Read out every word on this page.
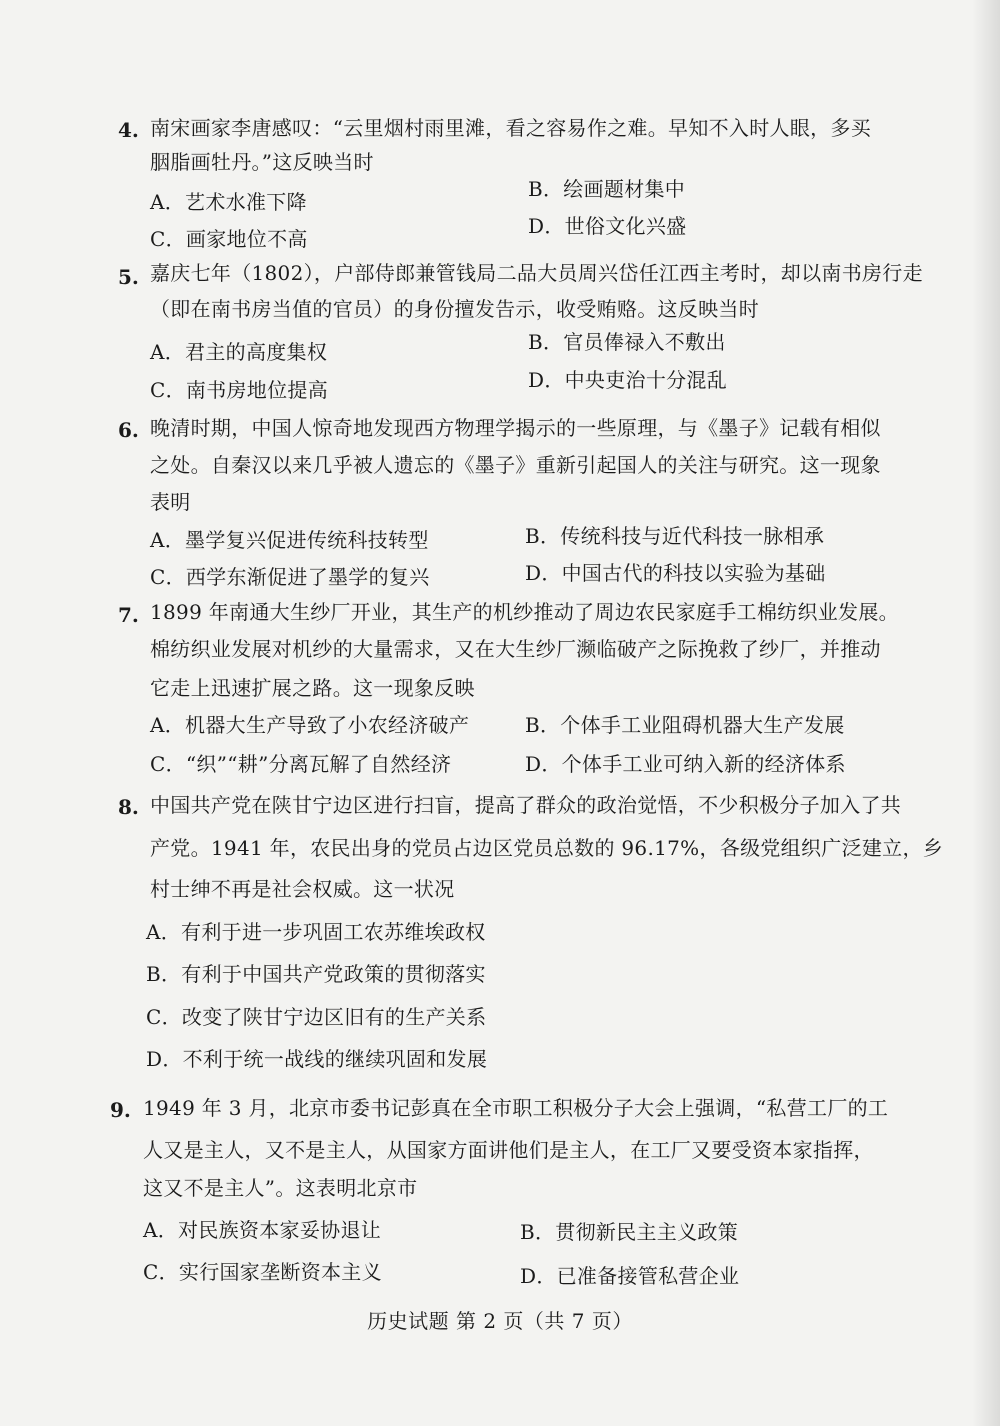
4. 南宋画家李唐感叹：“云里烟村雨里滩，看之容易作之难。早知不入时人眼，多买
胭脂画牡丹。”这反映当时
A．艺术水准下降
B．绘画题材集中
C．画家地位不高
D．世俗文化兴盛
5. 嘉庆七年（1802），户部侍郎兼管钱局二品大员周兴岱任江西主考时，却以南书房行走
（即在南书房当值的官员）的身份擅发告示，收受贿赂。这反映当时
A．君主的高度集权	B．官员俸禄入不敷出
C．南书房地位提高	D．中央吏治十分混乱
6. 晚清时期，中国人惊奇地发现西方物理学揭示的一些原理，与《墨子》记载有相似
之处。自秦汉以来几乎被人遗忘的《墨子》重新引起国人的关注与研究。这一现象
表明
A．墨学复兴促进传统科技转型	B．传统科技与近代科技一脉相承
C．西学东渐促进了墨学的复兴	D．中国古代的科技以实验为基础
7. 1899 年南通大生纱厂开业，其生产的机纱推动了周边农民家庭手工棉纺织业发展。
棉纺织业发展对机纱的大量需求，又在大生纱厂濒临破产之际挽救了纱厂，并推动
它走上迅速扩展之路。这一现象反映
A．机器大生产导致了小农经济破产	B．个体手工业阻碍机器大生产发展
C．“织”“耕”分离瓦解了自然经济	D．个体手工业可纳入新的经济体系
8. 中国共产党在陕甘宁边区进行扫盲，提高了群众的政治觉悟，不少积极分子加入了共
产党。1941 年，农民出身的党员占边区党员总数的 96.17%，各级党组织广泛建立，乡
村士绅不再是社会权威。这一状况
A．有利于进一步巩固工农苏维埃政权
B．有利于中国共产党政策的贯彻落实
C．改变了陕甘宁边区旧有的生产关系
D．不利于统一战线的继续巩固和发展
9. 1949 年 3 月，北京市委书记彭真在全市职工积极分子大会上强调，“私营工厂的工
人又是主人，又不是主人，从国家方面讲他们是主人，在工厂又要受资本家指挥，
这又不是主人”。这表明北京市
A．对民族资本家妥协退让	B．贯彻新民主主义政策
C．实行国家垄断资本主义	D．已准备接管私营企业
历史试题 第 2 页（共 7 页）
